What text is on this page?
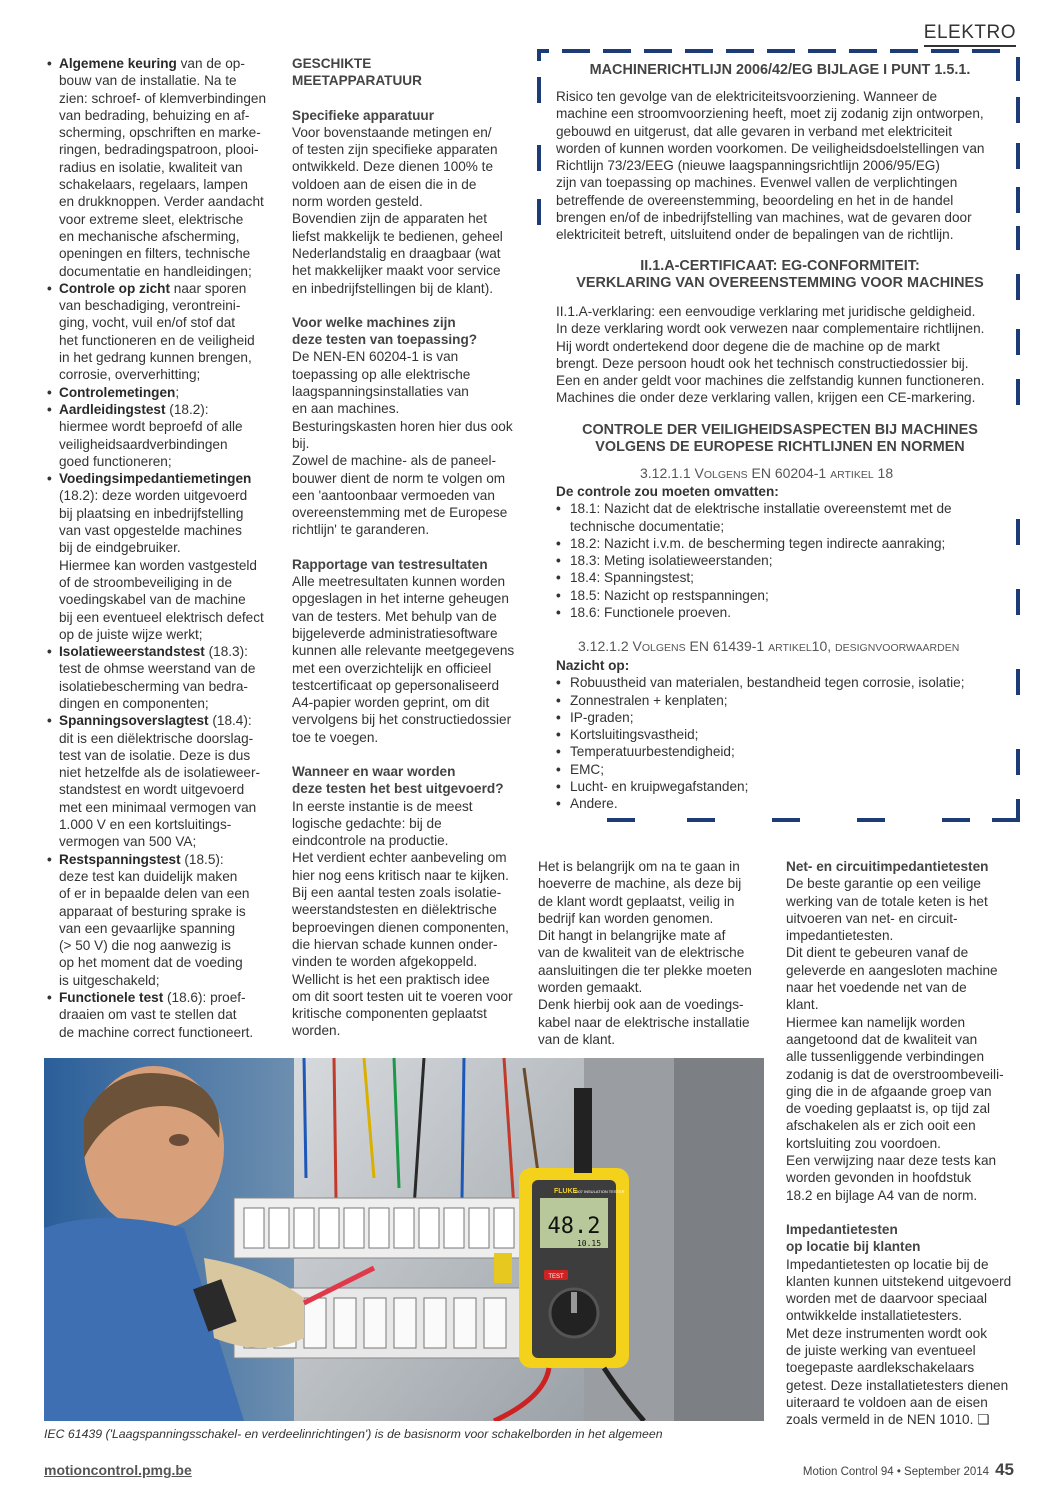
ELEKTRO

• Algemene keuring van de op-

bouw van de installatie. Na te

zien: schroef- of klemverbindingen

van bedrading, behuizing en af-

scherming, opschriften en marke-

ringen, bedradingspatroon, plooi-

radius en isolatie, kwaliteit van

schakelaars, regelaars, lampen

en drukknoppen. Verder aandacht

voor extreme sleet, elektrische

en mechanische afscherming,

openingen en filters, technische

documentatie en handleidingen;

• Controle op zicht naar sporen

van beschadiging, verontreini-

ging, vocht, vuil en/of stof dat

het functioneren en de veiligheid

in het gedrang kunnen brengen,

corrosie, oververhitting;

• Controlemetingen;

• Aardleidingstest (18.2):

hiermee wordt beproefd of alle

veiligheidsaardverbindingen

goed functioneren;

• Voedingsimpedantiemetingen

(18.2): deze worden uitgevoerd

bij plaatsing en inbedrijfstelling

van vast opgestelde machines

bij de eindgebruiker.

Hiermee kan worden vastgesteld

of de stroombeveiliging in de

voedingskabel van de machine

bij een eventueel elektrisch defect

op de juiste wijze werkt;

• Isolatieweerstandstest (18.3):

test de ohmse weerstand van de

isolatiebescherming van bedra-

dingen en componenten;

• Spanningsoverslagtest (18.4):

dit is een diëlektrische doorslag-

test van de isolatie. Deze is dus

niet hetzelfde als de isolatieweer-

standstest en wordt uitgevoerd

met een minimaal vermogen van

1.000 V en een kortsluitings-

vermogen van 500 VA;

• Restspanningstest (18.5):

deze test kan duidelijk maken

of er in bepaalde delen van een

apparaat of besturing sprake is

van een gevaarlijke spanning

(> 50 V) die nog aanwezig is

op het moment dat de voeding

is uitgeschakeld;

• Functionele test (18.6): proef-

draaien om vast te stellen dat

de machine correct functioneert.

GESCHIKTE
MEETAPPARATUUR
Specifieke apparatuur

Voor bovenstaande metingen en/

of testen zijn specifieke apparaten

ontwikkeld. Deze dienen 100% te

voldoen aan de eisen die in de

norm worden gesteld.

Bovendien zijn de apparaten het

liefst makkelijk te bedienen, geheel

Nederlandstalig en draagbaar (wat

het makkelijker maakt voor service

en inbedrijfstellingen bij de klant).

Voor welke machines zijn
deze testen van toepassing?

De NEN-EN 60204-1 is van

toepassing op alle elektrische

laagspanningsinstallaties van

en aan machines.

Besturingskasten horen hier dus ook

bij.

Zowel de machine- als de paneel-

bouwer dient de norm te volgen om

een 'aantoonbaar vermoeden van

overeenstemming met de Europese

richtlijn' te garanderen.

Rapportage van testresultaten

Alle meetresultaten kunnen worden

opgeslagen in het interne geheugen

van de testers. Met behulp van de

bijgeleverde administratiesoftware

kunnen alle relevante meetgegevens

met een overzichtelijk en officieel

testcertificaat op gepersonaliseerd

A4-papier worden geprint, om dit

vervolgens bij het constructiedossier

toe te voegen.

Wanneer en waar worden
deze testen het best uitgevoerd?

In eerste instantie is de meest

logische gedachte: bij de

eindcontrole na productie.

Het verdient echter aanbeveling om

hier nog eens kritisch naar te kijken.

Bij een aantal testen zoals isolatie-

weerstandstesten en diëlektrische

beproevingen dienen componenten,

die hiervan schade kunnen onder-

vinden te worden afgekoppeld.

Wellicht is het een praktisch idee

om dit soort testen uit te voeren voor

kritische componenten geplaatst

worden.

MACHINERICHTLIJN 2006/42/EG BIJLAGE I PUNT 1.5.1.

Risico ten gevolge van de elektriciteitsvoorziening. Wanneer de

machine een stroomvoorziening heeft, moet zij zodanig zijn ontworpen,

gebouwd en uitgerust, dat alle gevaren in verband met elektriciteit

worden of kunnen worden voorkomen. De veiligheidsdoelstellingen van

Richtlijn 73/23/EEG (nieuwe laagspanningsrichtlijn 2006/95/EG)

zijn van toepassing op machines. Evenwel vallen de verplichtingen

betreffende de overeenstemming, beoordeling en het in de handel

brengen en/of de inbedrijfstelling van machines, wat de gevaren door

elektriciteit betreft, uitsluitend onder de bepalingen van de richtlijn.

II.1.A-CERTIFICAAT: EG-CONFORMITEIT:
VERKLARING VAN OVEREENSTEMMING VOOR MACHINES

II.1.A-verklaring: een eenvoudige verklaring met juridische geldigheid.

In deze verklaring wordt ook verwezen naar complementaire richtlijnen.

Hij wordt ondertekend door degene die de machine op de markt

brengt. Deze persoon houdt ook het technisch constructiedossier bij.

Een en ander geldt voor machines die zelfstandig kunnen functioneren.

Machines die onder deze verklaring vallen, krijgen een CE-markering.

CONTROLE DER VEILIGHEIDSASPECTEN BIJ MACHINES
VOLGENS DE EUROPESE RICHTLIJNEN EN NORMEN
3.12.1.1 VOLGENS EN 60204-1 ARTIKEL 18

De controle zou moeten omvatten:

• 18.1: Nazicht dat de elektrische installatie overeenstemt met de

technische documentatie;

• 18.2: Nazicht i.v.m. de bescherming tegen indirecte aanraking;

• 18.3: Meting isolatieweerstanden;

• 18.4: Spanningstest;

• 18.5: Nazicht op restspanningen;

• 18.6: Functionele proeven.

3.12.1.2 VOLGENS EN 61439-1 ARTIKEL10, DESIGNVOORWAARDEN

Nazicht op:

• Robuustheid van materialen, bestandheid tegen corrosie, isolatie;

• Zonnestralen + kenplaten;

• IP-graden;

• Kortsluitingsvastheid;

• Temperatuurbestendigheid;

• EMC;

• Lucht- en kruipwegafstanden;

• Andere.

Het is belangrijk om na te gaan in

hoeverre de machine, als deze bij

de klant wordt geplaatst, veilig in

bedrijf kan worden genomen.

Dit hangt in belangrijke mate af

van de kwaliteit van de elektrische

aansluitingen die ter plekke moeten

worden gemaakt.

Denk hierbij ook aan de voedings-

kabel naar de elektrische installatie

van de klant.

Net- en circuitimpedantietesten

De beste garantie op een veilige

werking van de totale keten is het

uitvoeren van net- en circuit-

impedantietesten.

Dit dient te gebeuren vanaf de

geleverde en aangesloten machine

naar het voedende net van de

klant.

Hiermee kan namelijk worden

aangetoond dat de kwaliteit van

alle tussenliggende verbindingen

zodanig is dat de overstroombeveili-

ging die in de afgaande groep van

de voeding geplaatst is, op tijd zal

afschakelen als er zich ooit een

kortsluiting zou voordoen.

Een verwijzing naar deze tests kan

worden gevonden in hoofdstuk

18.2 en bijlage A4 van de norm.

Impedantietesten
op locatie bij klanten

Impedantietesten op locatie bij de

klanten kunnen uitstekend uitgevoerd

worden met de daarvoor speciaal

ontwikkelde installatietesters.

Met deze instrumenten wordt ook

de juiste werking van eventueel

toegepaste aardlekschakelaars

getest. Deze installatietesters dienen

uiteraard te voldoen aan de eisen

zoals vermeld in de NEN 1010. ❏

48.2
10.15
FLUKE
1507 INSULATION TESTER
TEST
IEC 61439 ('Laagspanningsschakel- en verdeelinrichtingen') is de basisnorm voor schakelborden in het algemeen
motioncontrol.pmg.be	Motion Control 94 • September 2014 45
